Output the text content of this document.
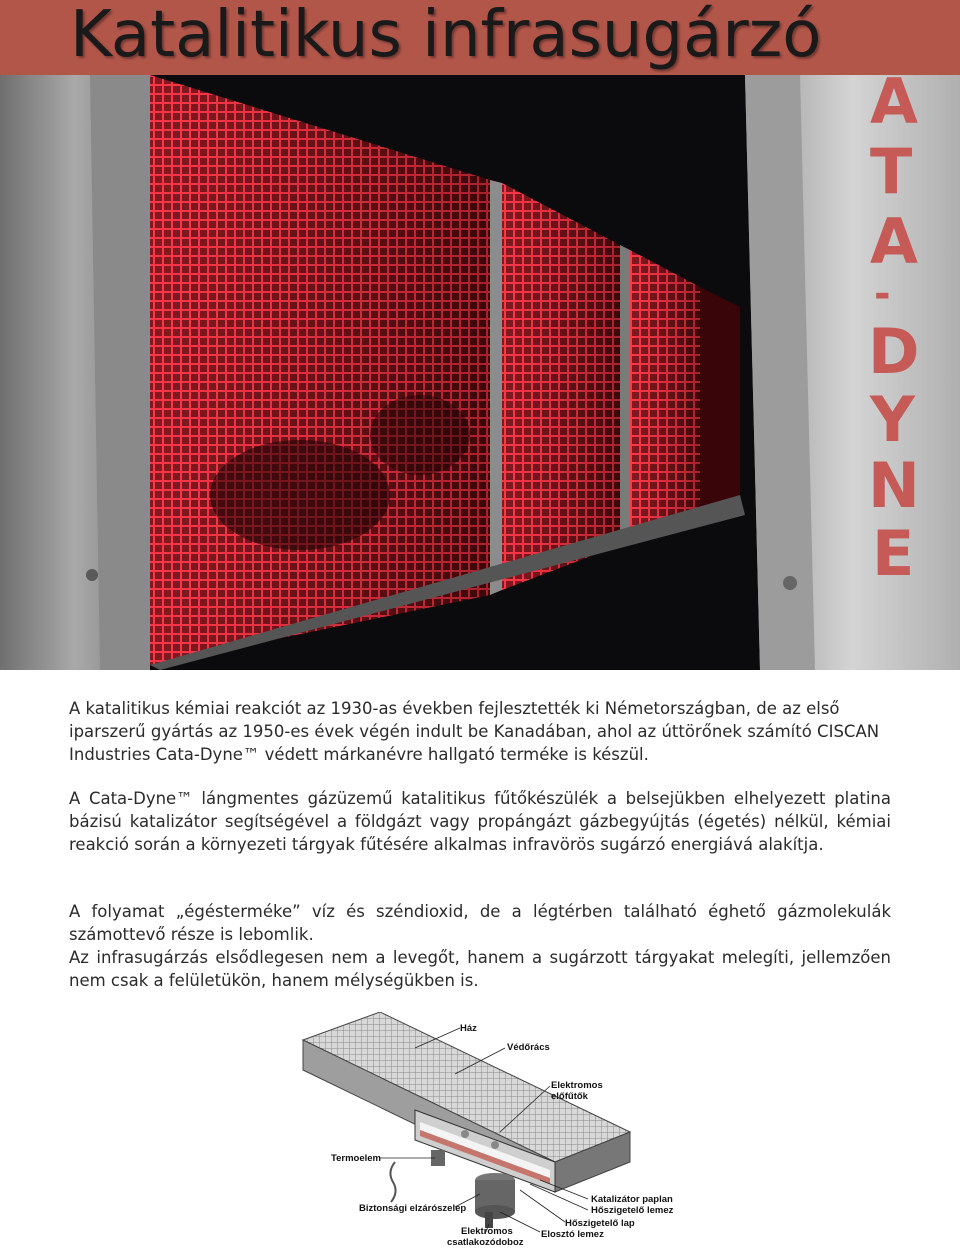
Katalitikus infrasugárzó
A
T
A
-
D
Y
N
E
A katalitikus kémiai reakciót az 1930-as években fejlesztették ki Németországban, de az első iparszerű gyártás az 1950-es évek végén indult be Kanadában, ahol az úttörőnek számító CISCAN Industries Cata-Dyne™ védett márkanévre hallgató terméke is készül.
A Cata-Dyne™ lángmentes gázüzemű katalitikus fűtőkészülék a belsejükben elhelyezett platina bázisú katalizátor segítségével a földgázt vagy propángázt gázbegyújtás (égetés) nélkül, kémiai reakció során a környezeti tárgyak fűtésére alkalmas infravörös sugárzó energiává alakítja.

A folyamat „égésterméke” víz és széndioxid, de a légtérben található éghető gázmolekulák számottevő része is lebomlik.

Az infrasugárzás elsődlegesen nem a levegőt, hanem a sugárzott tárgyakat melegíti, jellemzően nem csak a felületükön, hanem mélységükben is.

Ház
Védőrács
Elektromos
előfűtők
Termoelem
Katalizátor paplan
Hőszigetelő lemez
Hőszigetelő lap
Biztonsági elzárószelep
Elosztó lemez
Elektromos
csatlakozódoboz
